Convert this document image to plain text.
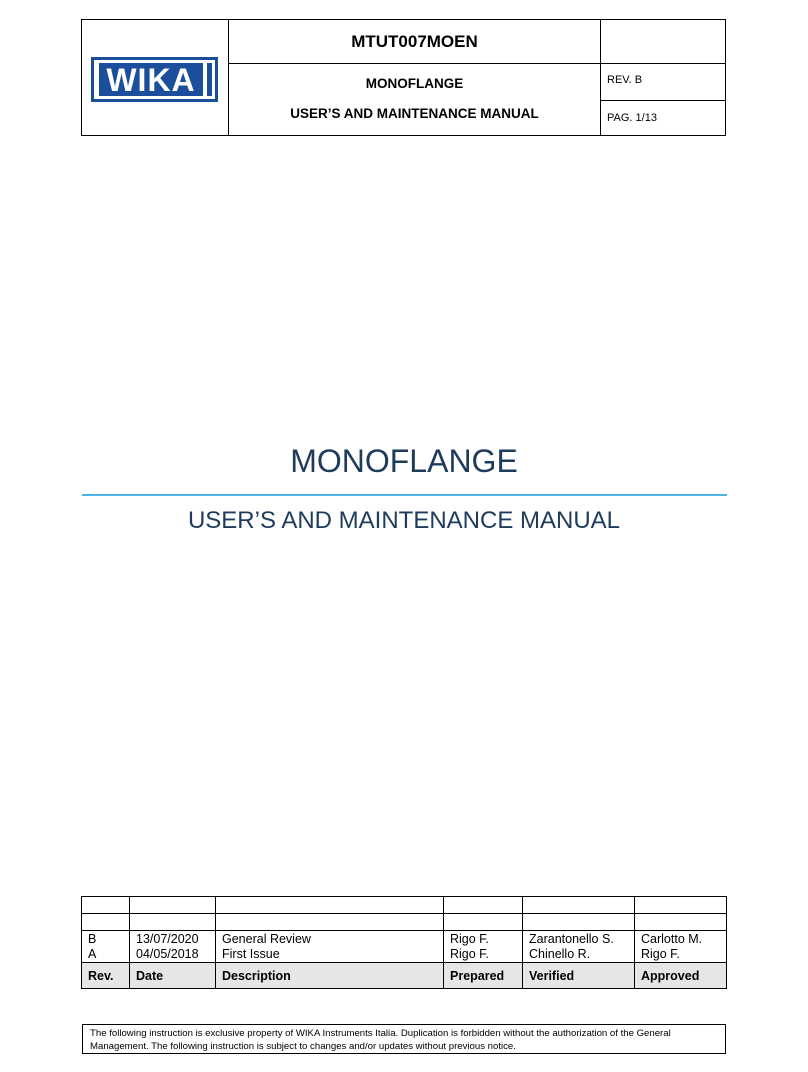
WIKA
MTUT007MOEN
MONOFLANGE
USER’S AND MAINTENANCE MANUAL
REV. B
PAG. 1/13
MONOFLANGE
USER’S AND MAINTENANCE MANUAL

B	13/07/2020	General Review	Rigo F.	Zarantonello S.	Carlotto M.
A	04/05/2018	First Issue	Rigo F.	Chinello R.	Rigo F.
Rev.	Date	Description	Prepared	Verified	Approved
The following instruction is exclusive property of WIKA Instruments Italia. Duplication is forbidden without the authorization of the General Management. The following instruction is subject to changes and/or updates without previous notice.
